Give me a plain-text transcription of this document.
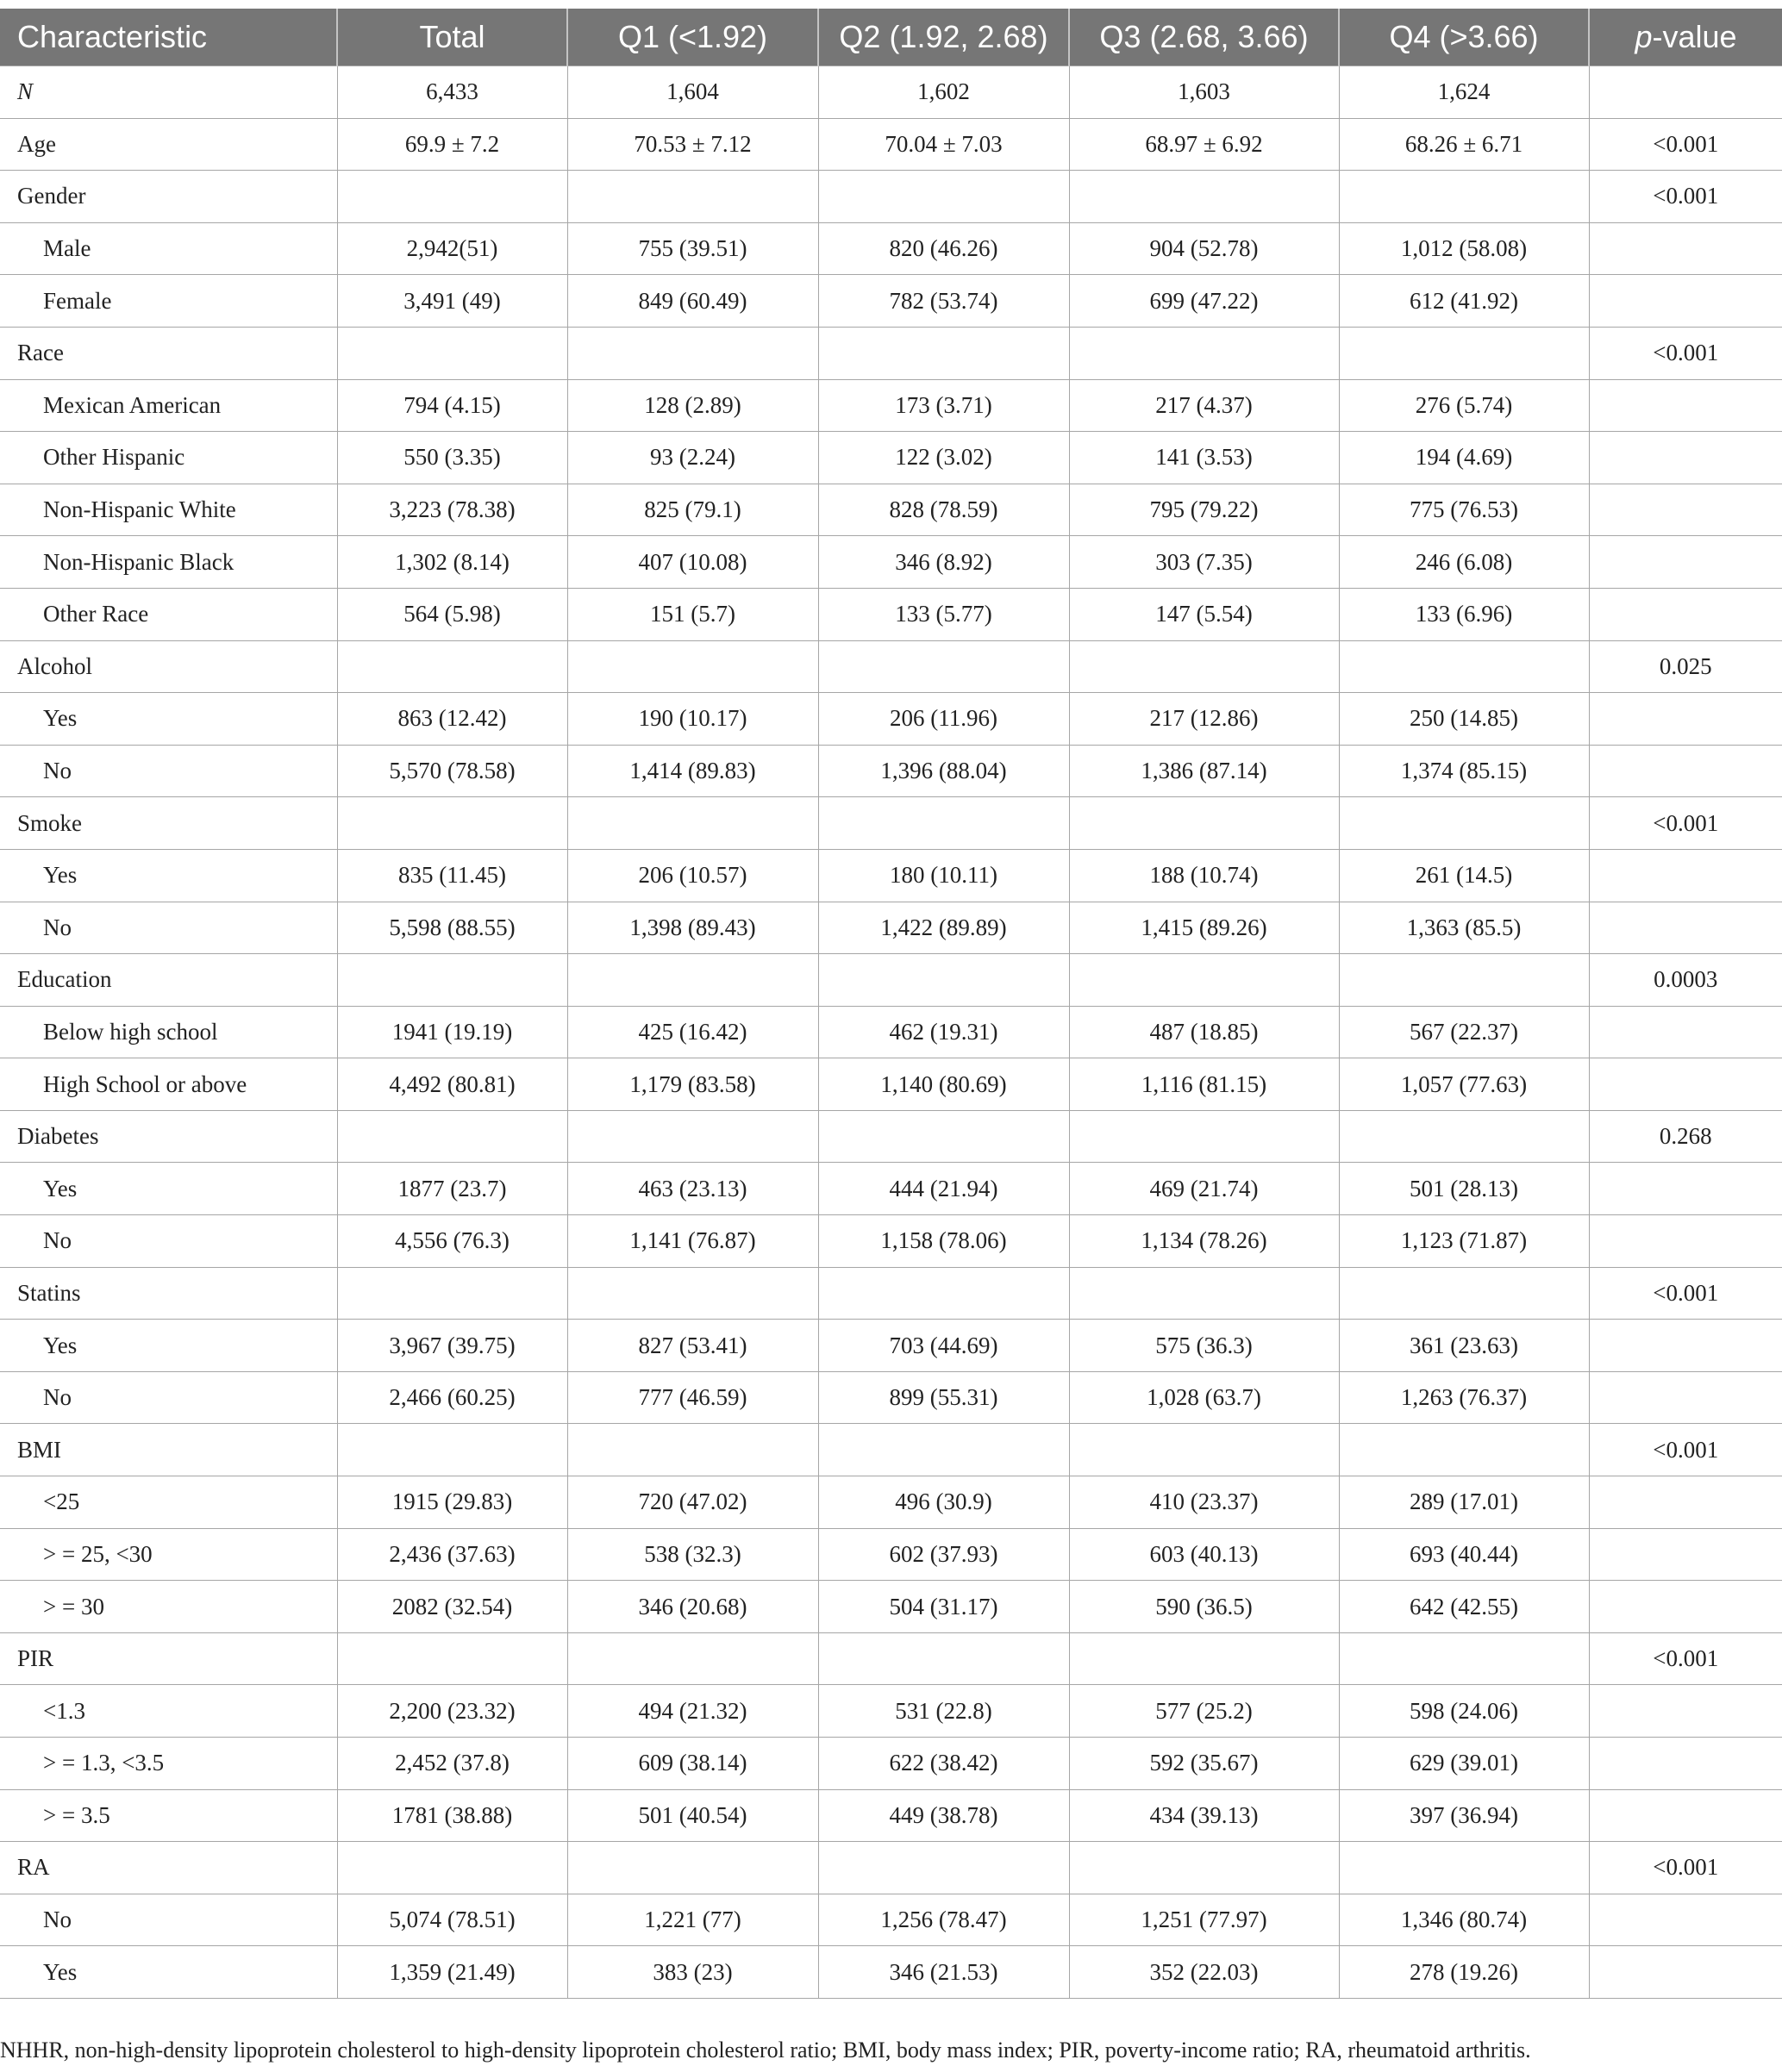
Characteristic	Total	Q1 (<1.92)	Q2 (1.92, 2.68)	Q3 (2.68, 3.66)	Q4 (>3.66)	p-value
N	6,433	1,604	1,602	1,603	1,624	
Age	69.9 ± 7.2	70.53 ± 7.12	70.04 ± 7.03	68.97 ± 6.92	68.26 ± 6.71	<0.001
Gender						<0.001
Male	2,942(51)	755 (39.51)	820 (46.26)	904 (52.78)	1,012 (58.08)	
Female	3,491 (49)	849 (60.49)	782 (53.74)	699 (47.22)	612 (41.92)	
Race						<0.001
Mexican American	794 (4.15)	128 (2.89)	173 (3.71)	217 (4.37)	276 (5.74)	
Other Hispanic	550 (3.35)	93 (2.24)	122 (3.02)	141 (3.53)	194 (4.69)	
Non-Hispanic White	3,223 (78.38)	825 (79.1)	828 (78.59)	795 (79.22)	775 (76.53)	
Non-Hispanic Black	1,302 (8.14)	407 (10.08)	346 (8.92)	303 (7.35)	246 (6.08)	
Other Race	564 (5.98)	151 (5.7)	133 (5.77)	147 (5.54)	133 (6.96)	
Alcohol						0.025
Yes	863 (12.42)	190 (10.17)	206 (11.96)	217 (12.86)	250 (14.85)	
No	5,570 (78.58)	1,414 (89.83)	1,396 (88.04)	1,386 (87.14)	1,374 (85.15)	
Smoke						<0.001
Yes	835 (11.45)	206 (10.57)	180 (10.11)	188 (10.74)	261 (14.5)	
No	5,598 (88.55)	1,398 (89.43)	1,422 (89.89)	1,415 (89.26)	1,363 (85.5)	
Education						0.0003
Below high school	1941 (19.19)	425 (16.42)	462 (19.31)	487 (18.85)	567 (22.37)	
High School or above	4,492 (80.81)	1,179 (83.58)	1,140 (80.69)	1,116 (81.15)	1,057 (77.63)	
Diabetes						0.268
Yes	1877 (23.7)	463 (23.13)	444 (21.94)	469 (21.74)	501 (28.13)	
No	4,556 (76.3)	1,141 (76.87)	1,158 (78.06)	1,134 (78.26)	1,123 (71.87)	
Statins						<0.001
Yes	3,967 (39.75)	827 (53.41)	703 (44.69)	575 (36.3)	361 (23.63)	
No	2,466 (60.25)	777 (46.59)	899 (55.31)	1,028 (63.7)	1,263 (76.37)	
BMI						<0.001
<25	1915 (29.83)	720 (47.02)	496 (30.9)	410 (23.37)	289 (17.01)	
> = 25, <30	2,436 (37.63)	538 (32.3)	602 (37.93)	603 (40.13)	693 (40.44)	
> = 30	2082 (32.54)	346 (20.68)	504 (31.17)	590 (36.5)	642 (42.55)	
PIR						<0.001
<1.3	2,200 (23.32)	494 (21.32)	531 (22.8)	577 (25.2)	598 (24.06)	
> = 1.3, <3.5	2,452 (37.8)	609 (38.14)	622 (38.42)	592 (35.67)	629 (39.01)	
> = 3.5	1781 (38.88)	501 (40.54)	449 (38.78)	434 (39.13)	397 (36.94)	
RA						<0.001
No	5,074 (78.51)	1,221 (77)	1,256 (78.47)	1,251 (77.97)	1,346 (80.74)	
Yes	1,359 (21.49)	383 (23)	346 (21.53)	352 (22.03)	278 (19.26)	
NHHR, non-high-density lipoprotein cholesterol to high-density lipoprotein cholesterol ratio; BMI, body mass index; PIR, poverty-income ratio; RA, rheumatoid arthritis.
